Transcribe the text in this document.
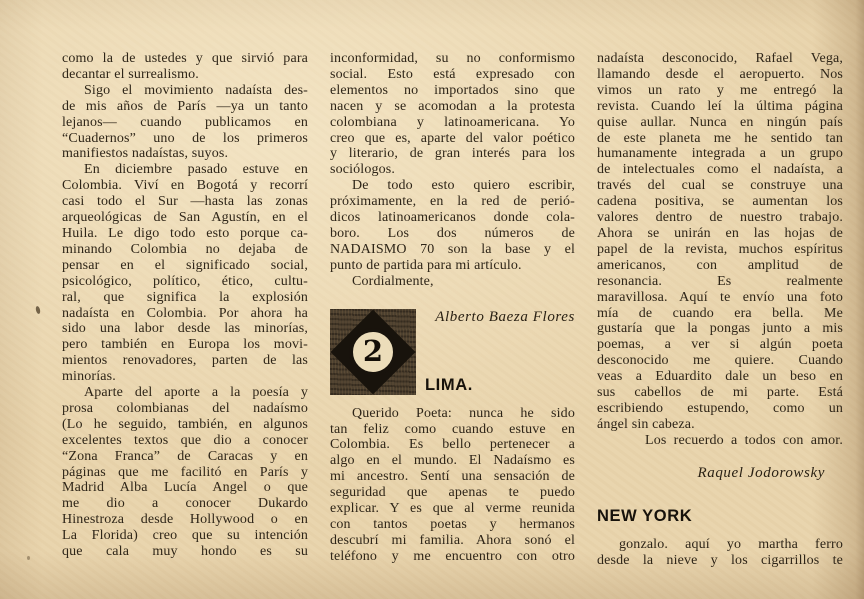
como la de ustedes y que sirvió para
decantar el surrealismo.
Sigo el movimiento nadaísta des-
de mis años de París —ya un tanto
lejanos— cuando publicamos en
“Cuadernos” uno de los primeros
manifiestos nadaístas, suyos.
En diciembre pasado estuve en
Colombia. Viví en Bogotá y recorrí
casi todo el Sur —hasta las zonas
arqueológicas de San Agustín, en el
Huila. Le digo todo esto porque ca-
minando Colombia no dejaba de
pensar en el significado social,
psicológico, político, ético, cultu-
ral, que significa la explosión
nadaísta en Colombia. Por ahora ha
sido una labor desde las minorías,
pero también en Europa los movi-
mientos renovadores, parten de las
minorías.
Aparte del aporte a la poesía y
prosa colombianas del nadaísmo
(Lo he seguido, también, en algunos
excelentes textos que dio a conocer
“Zona Franca” de Caracas y en
páginas que me facilitó en París y
Madrid Alba Lucía Angel o que
me dio a conocer Dukardo
Hinestroza desde Hollywood o en
La Florida) creo que su intención
que cala muy hondo es su
inconformidad, su no conformismo
social. Esto está expresado con
elementos no importados sino que
nacen y se acomodan a la protesta
colombiana y latinoamericana. Yo
creo que es, aparte del valor poético
y literario, de gran interés para los
sociólogos.
De todo esto quiero escribir,
próximamente, en la red de perió-
dicos latinoamericanos donde cola-
boro. Los dos números de
NADAISMO 70 son la base y el
punto de partida para mi artículo.
Cordialmente,
2
Alberto Baeza Flores
LIMA.
Querido Poeta: nunca he sido
tan feliz como cuando estuve en
Colombia. Es bello pertenecer a
algo en el mundo. El Nadaísmo es
mi ancestro. Sentí una sensación de
seguridad que apenas te puedo
explicar. Y es que al verme reunida
con tantos poetas y hermanos
descubrí mi familia. Ahora sonó el
teléfono y me encuentro con otro
nadaísta desconocido, Rafael Vega,
llamando desde el aeropuerto. Nos
vimos un rato y me entregó la
revista. Cuando leí la última página
quise aullar. Nunca en ningún país
de este planeta me he sentido tan
humanamente integrada a un grupo
de intelectuales como el nadaísta, a
través del cual se construye una
cadena positiva, se aumentan los
valores dentro de nuestro trabajo.
Ahora se unirán en las hojas de
papel de la revista, muchos espíritus
americanos, con amplitud de
resonancia. Es realmente
maravillosa. Aquí te envío una foto
mía de cuando era bella. Me
gustaría que la pongas junto a mis
poemas, a ver si algún poeta
desconocido me quiere. Cuando
veas a Eduardito dale un beso en
sus cabellos de mi parte. Está
escribiendo estupendo, como un
ángel sin cabeza.
Los recuerdo a todos con amor.
Raquel Jodorowsky
NEW YORK
gonzalo. aquí yo martha ferro
desde la nieve y los cigarrillos te
